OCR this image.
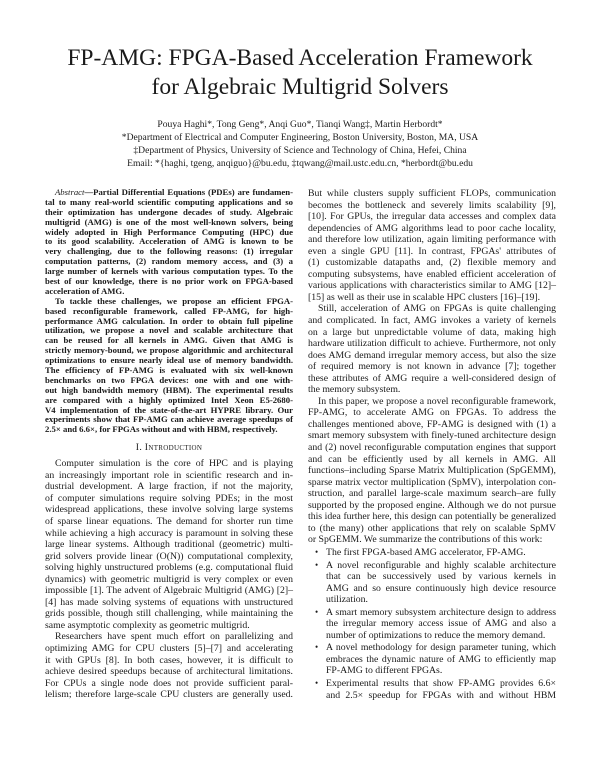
FP-AMG: FPGA-Based Acceleration Framework
for Algebraic Multigrid Solvers
Pouya Haghi*, Tong Geng*, Anqi Guo*, Tianqi Wang‡, Martin Herbordt*
*Department of Electrical and Computer Engineering, Boston University, Boston, MA, USA
‡Department of Physics, University of Science and Technology of China, Hefei, China
Email: *{haghi, tgeng, anqiguo}@bu.edu, ‡tqwang@mail.ustc.edu.cn, *herbordt@bu.edu
Abstract—Partial Differential Equations (PDEs) are fundamen-
tal to many real-world scientific computing applications and so
their optimization has undergone decades of study. Algebraic
multigrid (AMG) is one of the most well-known solvers, being
widely adopted in High Performance Computing (HPC) due
to its good scalability. Acceleration of AMG is known to be
very challenging, due to the following reasons: (1) irregular
computation patterns, (2) random memory access, and (3) a
large number of kernels with various computation types. To the
best of our knowledge, there is no prior work on FPGA-based
acceleration of AMG.
To tackle these challenges, we propose an efficient FPGA-
based reconfigurable framework, called FP-AMG, for high-
performance AMG calculation. In order to obtain full pipeline
utilization, we propose a novel and scalable architecture that
can be reused for all kernels in AMG. Given that AMG is
strictly memory-bound, we propose algorithmic and architectural
optimizations to ensure nearly ideal use of memory bandwidth.
The efficiency of FP-AMG is evaluated with six well-known
benchmarks on two FPGA devices: one with and one with-
out high bandwidth memory (HBM). The experimental results
are compared with a highly optimized Intel Xeon E5-2680-
V4 implementation of the state-of-the-art HYPRE library. Our
experiments show that FP-AMG can achieve average speedups of
2.5× and 6.6×, for FPGAs without and with HBM, respectively.
I. Introduction
Computer simulation is the core of HPC and is playing
an increasingly important role in scientific research and in-
dustrial development. A large fraction, if not the majority,
of computer simulations require solving PDEs; in the most
widespread applications, these involve solving large systems
of sparse linear equations. The demand for shorter run time
while achieving a high accuracy is paramount in solving these
large linear systems. Although traditional (geometric) multi-
grid solvers provide linear (O(N)) computational complexity,
solving highly unstructured problems (e.g. computational fluid
dynamics) with geometric multigrid is very complex or even
impossible [1]. The advent of Algebraic Multigrid (AMG) [2]–
[4] has made solving systems of equations with unstructured
grids possible, though still challenging, while maintaining the
same asymptotic complexity as geometric multigrid.
Researchers have spent much effort on parallelizing and
optimizing AMG for CPU clusters [5]–[7] and accelerating
it with GPUs [8]. In both cases, however, it is difficult to
achieve desired speedups because of architectural limitations.
For CPUs a single node does not provide sufficient paral-
lelism; therefore large-scale CPU clusters are generally used.
But while clusters supply sufficient FLOPs, communication
becomes the bottleneck and severely limits scalability [9],
[10]. For GPUs, the irregular data accesses and complex data
dependencies of AMG algorithms lead to poor cache locality,
and therefore low utilization, again limiting performance with
even a single GPU [11]. In contrast, FPGAs' attributes of
(1) customizable datapaths and, (2) flexible memory and
computing subsystems, have enabled efficient acceleration of
various applications with characteristics similar to AMG [12]–
[15] as well as their use in scalable HPC clusters [16]–[19].
Still, acceleration of AMG on FPGAs is quite challenging
and complicated. In fact, AMG invokes a variety of kernels
on a large but unpredictable volume of data, making high
hardware utilization difficult to achieve. Furthermore, not only
does AMG demand irregular memory access, but also the size
of required memory is not known in advance [7]; together
these attributes of AMG require a well-considered design of
the memory subsystem.
In this paper, we propose a novel reconfigurable framework,
FP-AMG, to accelerate AMG on FPGAs. To address the
challenges mentioned above, FP-AMG is designed with (1) a
smart memory subsystem with finely-tuned architecture design
and (2) novel reconfigurable computation engines that support
and can be efficiently used by all kernels in AMG. All
functions–including Sparse Matrix Multiplication (SpGEMM),
sparse matrix vector multiplication (SpMV), interpolation con-
struction, and parallel large-scale maximum search–are fully
supported by the proposed engine. Although we do not pursue
this idea further here, this design can potentially be generalized
to (the many) other applications that rely on scalable SpMV
or SpGEMM. We summarize the contributions of this work:
• The first FPGA-based AMG accelerator, FP-AMG.
• A novel reconfigurable and highly scalable architecture
that can be successively used by various kernels in
AMG and so ensure continuously high device resource
utilization.
• A smart memory subsystem architecture design to address
the irregular memory access issue of AMG and also a
number of optimizations to reduce the memory demand.
• A novel methodology for design parameter tuning, which
embraces the dynamic nature of AMG to efficiently map
FP-AMG to different FPGAs.
• Experimental results that show FP-AMG provides 6.6×
and 2.5× speedup for FPGAs with and without HBM
